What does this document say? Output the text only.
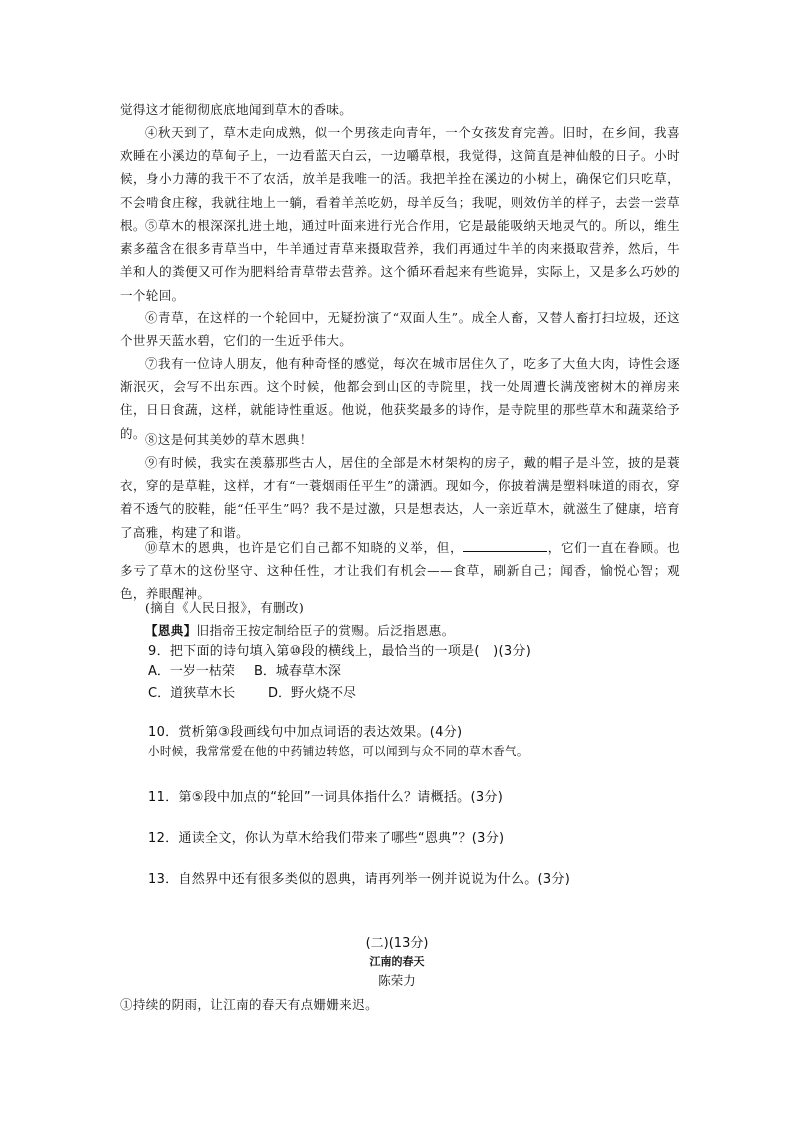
觉得这才能彻彻底底地闻到草木的香味。
④秋天到了，草木走向成熟，似一个男孩走向青年，一个女孩发育完善。旧时，在乡间，我喜欢睡在小溪边的草甸子上，一边看蓝天白云，一边嚼草根，我觉得，这简直是神仙般的日子。小时候，身小力薄的我干不了农活，放羊是我唯一的活。我把羊拴在溪边的小树上，确保它们只吃草，不会啃食庄稼，我就往地上一躺，看着羊羔吃奶，母羊反刍；我呢，则效仿羊的样子，去尝一尝草根。 ⑤草木的根深深扎进土地，通过叶面来进行光合作用，它是最能吸纳天地灵气的。所以，维生素多蕴含在很多青草当中，牛羊通过青草来摄取营养，我们再通过牛羊的肉来摄取营养，然后，牛羊和人的粪便又可作为肥料给青草带去营养。这个循环看起来有些诡异，实际上，又是多么巧妙的一个轮回。
⑥青草，在这样的一个轮回中，无疑扮演了“双面人生”。成全人畜，又替人畜打扫垃圾，还这个世界天蓝水碧，它们的一生近乎伟大。
⑦我有一位诗人朋友，他有种奇怪的感觉，每次在城市居住久了，吃多了大鱼大肉，诗性会逐渐泯灭，会写不出东西。这个时候，他都会到山区的寺院里，找一处周遭长满茂密树木的禅房来住，日日食蔬，这样，就能诗性重返。他说，他获奖最多的诗作，是寺院里的那些草木和蔬菜给予的。 ⑧这是何其美妙的草木恩典！
⑨有时候，我实在羡慕那些古人，居住的全部是木材架构的房子，戴的帽子是斗笠，披的是蓑衣，穿的是草鞋，这样，才有“一蓑烟雨任平生”的潇洒。现如今，你披着满是塑料味道的雨衣，穿着不透气的胶鞋，能“任平生”吗？我不是过激，只是想表达，人一亲近草木，就滋生了健康，培育了高雅，构建了和谐。
⑩草木的恩典，也许是它们自己都不知晓的义举，但，	，它们一直在眷顾。也多亏了草木的这份坚守、这种任性，才让我们有机会——食草，刷新自己；闻香，愉悦心智；观色，养眼醒神。
(摘自《人民日报》，有删改)
【恩典】旧指帝王按定制给臣子的赏赐。后泛指恩惠。
9．把下面的诗句填入第⑩段的横线上，最恰当的一项是(　)(3分)
A．一岁一枯荣 B．城春草木深
C．道狭草木长	D．野火烧不尽
10．赏析第③段画线句中加点词语的表达效果。(4分)
小时候，我常常爱在他的中药铺边转悠，可以闻到与众不同的草木香气。
11．第⑤段中加点的“轮回”一词具体指什么？请概括。(3分)
12．通读全文，你认为草木给我们带来了哪些“恩典”？(3分)
13．自然界中还有很多类似的恩典，请再列举一例并说说为什么。(3分)
(二)(13分)
江南的春天
陈荣力
①持续的阴雨，让江南的春天有点姗姗来迟。
